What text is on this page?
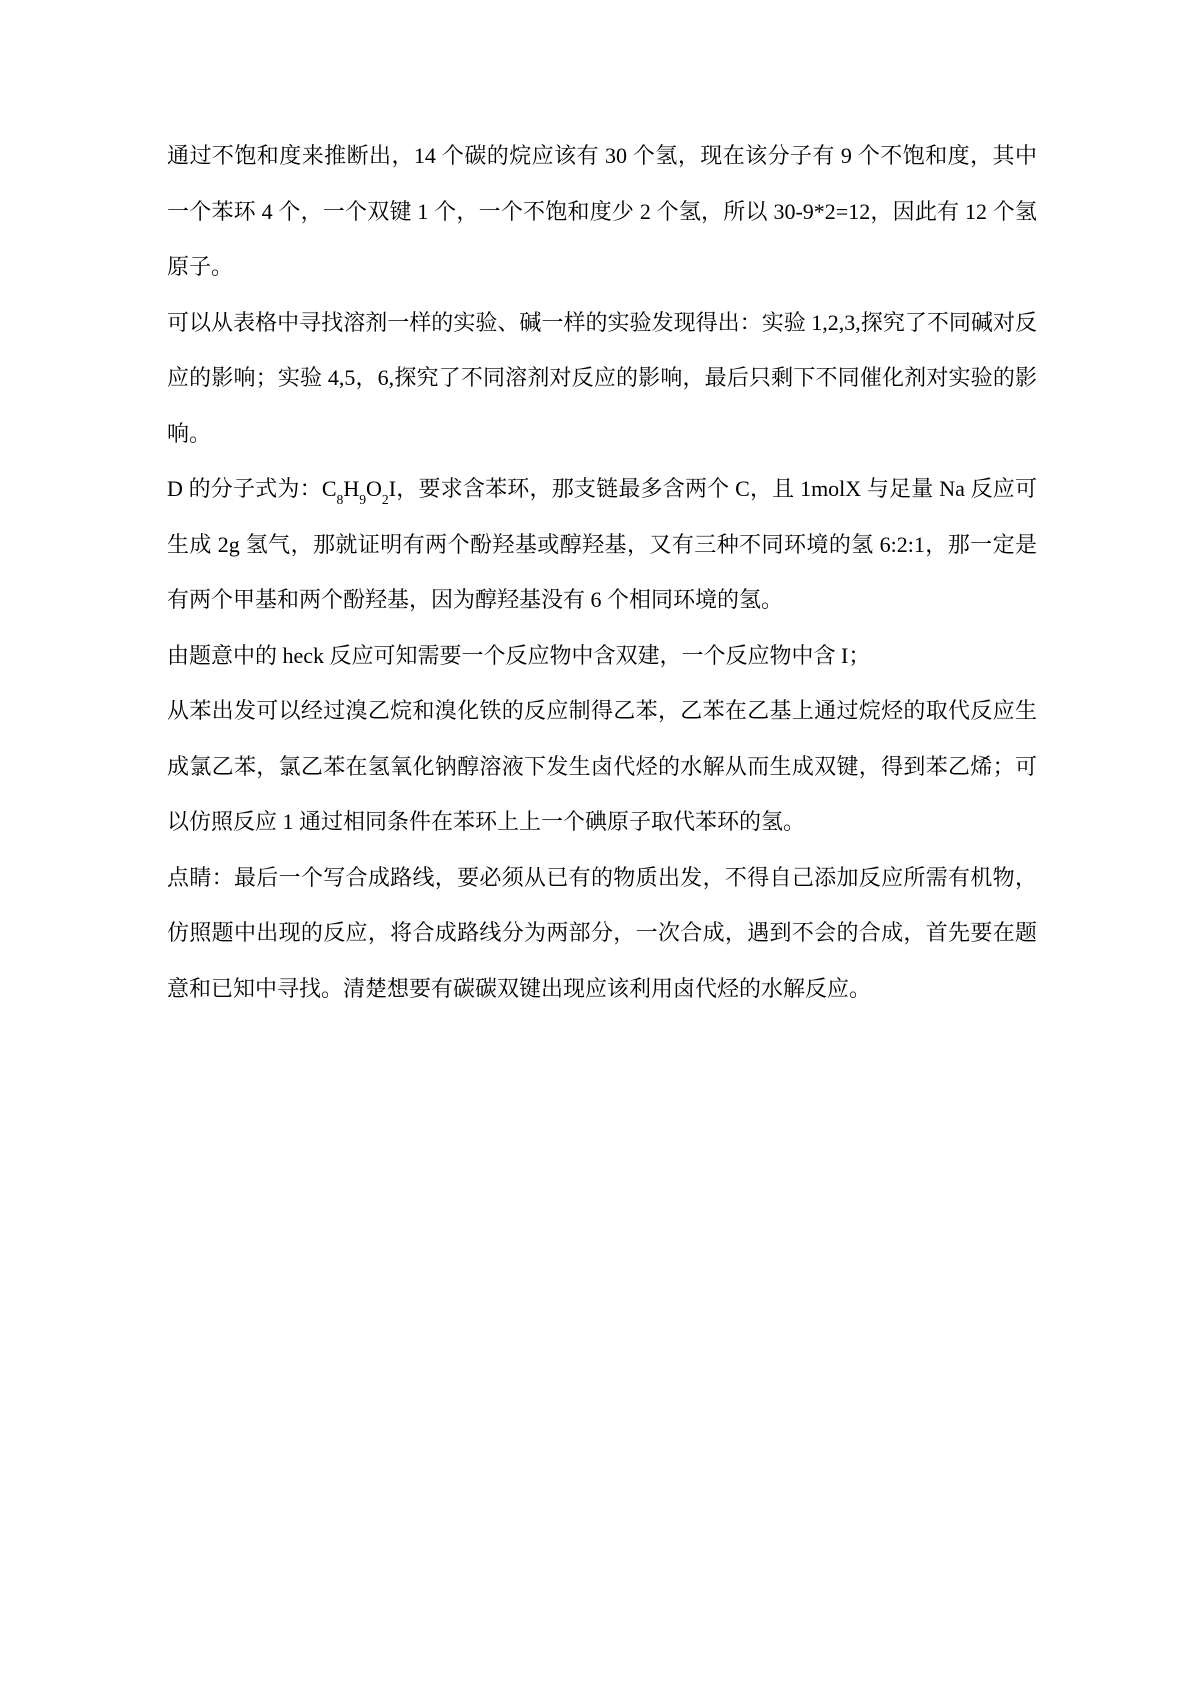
通过不饱和度来推断出，14 个碳的烷应该有 30 个氢，现在该分子有 9 个不饱和度，其中一个苯环 4 个，一个双键 1 个，一个不饱和度少 2 个氢，所以 30-9*2=12，因此有 12 个氢原子。

可以从表格中寻找溶剂一样的实验、碱一样的实验发现得出：实验 1,2,3,探究了不同碱对反应的影响；实验 4,5，6,探究了不同溶剂对反应的影响，最后只剩下不同催化剂对实验的影响。

D 的分子式为：$C_8H_9O_2I$，要求含苯环，那支链最多含两个 C，且 1molX 与足量 Na 反应可生成 2g 氢气，那就证明有两个酚羟基或醇羟基，又有三种不同环境的氢 6:2:1，那一定是有两个甲基和两个酚羟基，因为醇羟基没有 6 个相同环境的氢。

由题意中的 heck 反应可知需要一个反应物中含双建，一个反应物中含 I；

从苯出发可以经过溴乙烷和溴化铁的反应制得乙苯，乙苯在乙基上通过烷烃的取代反应生成氯乙苯，氯乙苯在氢氧化钠醇溶液下发生卤代烃的水解从而生成双键，得到苯乙烯；可以仿照反应 1 通过相同条件在苯环上上一个碘原子取代苯环的氢。

点睛：最后一个写合成路线，要必须从已有的物质出发，不得自己添加反应所需有机物，仿照题中出现的反应，将合成路线分为两部分，一次合成，遇到不会的合成，首先要在题意和已知中寻找。清楚想要有碳碳双键出现应该利用卤代烃的水解反应。
